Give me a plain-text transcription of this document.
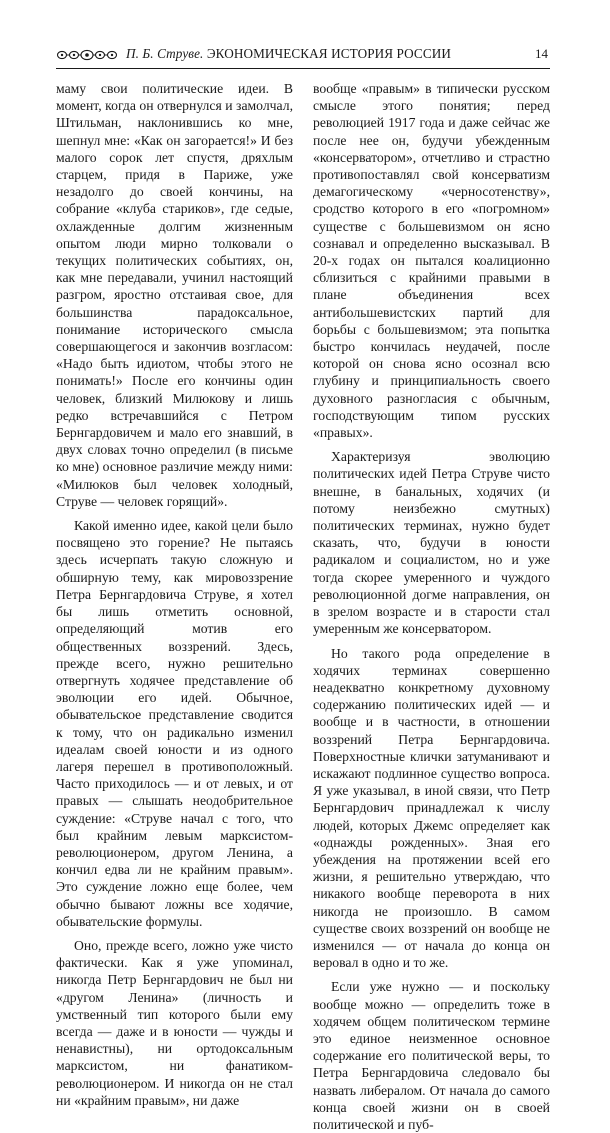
П. Б. Струве. ЭКОНОМИЧЕСКАЯ ИСТОРИЯ РОССИИ	14

маму свои политические идеи. В момент, когда он отвернулся и замолчал, Штильман, наклонившись ко мне, шепнул мне: «Как он загорается!» И без малого сорок лет спустя, дряхлым старцем, придя в Париже, уже незадолго до своей кончины, на собрание «клуба стариков», где седые, охлажденные долгим жизненным опытом люди мирно толковали о текущих политических событиях, он, как мне передавали, учинил настоящий разгром, яростно отстаивая свое, для большинства парадоксальное, понимание исторического смысла совершающегося и закончив возгласом: «Надо быть идиотом, чтобы этого не понимать!» После его кончины один человек, близкий Милюкову и лишь редко встречавшийся с Петром Бернгардовичем и мало его знавший, в двух словах точно определил (в письме ко мне) основное различие между ними: «Милюков был человек холодный, Струве — человек горящий».

Какой именно идее, какой цели было посвящено это горение? Не пытаясь здесь исчерпать такую сложную и обширную тему, как мировоззрение Петра Бернгардовича Струве, я хотел бы лишь отметить основной, определяющий мотив его общественных воззрений. Здесь, прежде всего, нужно решительно отвергнуть ходячее представление об эволюции его идей. Обычное, обывательское представление сводится к тому, что он радикально изменил идеалам своей юности и из одного лагеря перешел в противоположный. Часто приходилось — и от левых, и от правых — слышать неодобрительное суждение: «Струве начал с того, что был крайним левым марксистом-революционером, другом Ленина, а кончил едва ли не крайним правым». Это суждение ложно еще более, чем обычно бывают ложны все ходячие, обывательские формулы.

Оно, прежде всего, ложно уже чисто фактически. Как я уже упоминал, никогда Петр Бернгардович не был ни «другом Ленина» (личность и умственный тип которого были ему всегда — даже и в юности — чужды и ненавистны), ни ортодоксальным марксистом, ни фанатиком-революционером. И никогда он не стал ни «крайним правым», ни даже

вообще «правым» в типически русском смысле этого понятия; перед революцией 1917 года и даже сейчас же после нее он, будучи убежденным «консерватором», отчетливо и страстно противопоставлял свой консерватизм демагогическому «черносотенству», сродство которого в его «погромном» существе с большевизмом он ясно сознавал и определенно высказывал. В 20-х годах он пытался коалиционно сблизиться с крайними правыми в плане объединения всех антибольшевистских партий для борьбы с большевизмом; эта попытка быстро кончилась неудачей, после которой он снова ясно осознал всю глубину и принципиальность своего духовного разногласия с обычным, господствующим типом русских «правых».

Характеризуя эволюцию политических идей Петра Струве чисто внешне, в банальных, ходячих (и потому неизбежно смутных) политических терминах, нужно будет сказать, что, будучи в юности радикалом и социалистом, но и уже тогда скорее умеренного и чуждого революционной догме направления, он в зрелом возрасте и в старости стал умеренным же консерватором.

Но такого рода определение в ходячих терминах совершенно неадекватно конкретному духовному содержанию политических идей — и вообще и в частности, в отношении воззрений Петра Бернгардовича. Поверхностные клички затуманивают и искажают подлинное существо вопроса. Я уже указывал, в иной связи, что Петр Бернгардович принадлежал к числу людей, которых Джемс определяет как «однажды рожденных». Зная его убеждения на протяжении всей его жизни, я решительно утверждаю, что никакого вообще переворота в них никогда не произошло. В самом существе своих воззрений он вообще не изменился — от начала до конца он веровал в одно и то же.

Если уже нужно — и поскольку вообще можно — определить тоже в ходячем общем политическом термине это единое неизменное основное содержание его политической веры, то Петра Бернгардовича следовало бы назвать либералом. От начала до самого конца своей жизни он в своей политической и пуб-
